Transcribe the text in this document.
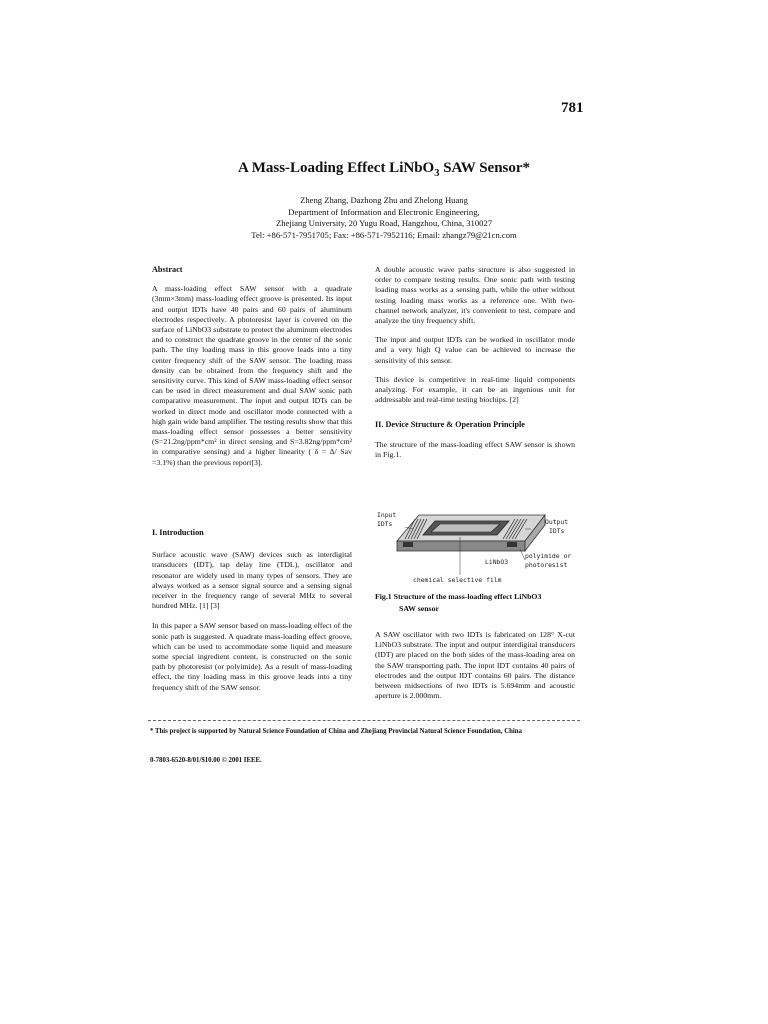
781
A Mass-Loading Effect LiNbO$_3$ SAW Sensor*
Zheng Zhang, Dazhong Zhu and Zhelong Huang
Department of Information and Electronic Engineering,
Zhejiang University, 20 Yugu Road, Hangzhou, China, 310027
Tel: +86-571-7951705; Fax: +86-571-7952116; Email: zhangz79@21cn.com
Abstract

A mass-loading effect SAW sensor with a quadrate (3mm×3mm) mass-loading effect groove is presented. Its input and output IDTs have 40 pairs and 60 pairs of aluminum electrodes respectively. A photoresist layer is covered on the surface of LiNbO3 substrate to protect the aluminum electrodes and to construct the quadrate groove in the center of the sonic path. The tiny loading mass in this groove leads into a tiny center frequency shift of the SAW sensor. The loading mass density can be obtained from the frequency shift and the sensitivity curve. This kind of SAW mass-loading effect sensor can be used in direct measurement and dual SAW sonic path comparative measurement. The input and output IDTs can be worked in direct mode and oscillator mode connected with a high gain wide band amplifier. The testing results show that this mass-loading effect sensor possesses a better sensitivity (S=21.2ng/ppm*cm² in direct sensing and S=3.82ng/ppm*cm² in comparative sensing) and a higher linearity ( δ = Δ/ Sav =3.1%) than the previous report[3].

I. Introduction

Surface acoustic wave (SAW) devices such as interdigital transducers (IDT), tap delay line (TDL), oscillator and resonator are widely used in many types of sensors. They are always worked as a sensor signal source and a sensing signal receiver in the frequency range of several MHz to several hundred MHz. [1] [3]

In this paper a SAW sensor based on mass-loading effect of the sonic path is suggested. A quadrate mass-loading effect groove, which can be used to accommodate some liquid and measure some special ingredient content, is constructed on the sonic path by photoresist (or polyimide). As a result of mass-loading effect, the tiny loading mass in this groove leads into a tiny frequency shift of the SAW sensor.

A double acoustic wave paths structure is also suggested in order to compare testing results. One sonic path with testing loading mass works as a sensing path, while the other without testing loading mass works as a reference one. With two-channel network analyzer, it's convenient to test, compare and analyze the tiny frequency shift.

The input and output IDTs can be worked in oscillator mode and a very high Q value can be achieved to increase the sensitivity of this sensor.

This device is competitive in real-time liquid components analyzing. For example, it can be an ingenious unit for addressable and real-time testing biochips. [2]

II. Device Structure & Operation Principle

The structure of the mass-loading effect SAW sensor is shown in Fig.1.

Input
IDTs	Output
IDTs
polyimide or
photoresist
LiNbO3
chemical selective film
Fig.1 Structure of the mass-loading effect LiNbO3
SAW sensor

A SAW oscillator with two IDTs is fabricated on 128° X-cut LiNbO3 substrate. The input and output interdigital transducers (IDT) are placed on the both sides of the mass-loading area on the SAW transporting path. The input IDT contains 40 pairs of electrodes and the output IDT contains 60 pairs. The distance between midsections of two IDTs is 5.694mm and acoustic aperture is 2.000mm.

* This project is supported by Natural Science Foundation of China and Zhejiang Provincial Natural Science Foundation, China
0-7803-6520-8/01/$10.00 © 2001 IEEE.
